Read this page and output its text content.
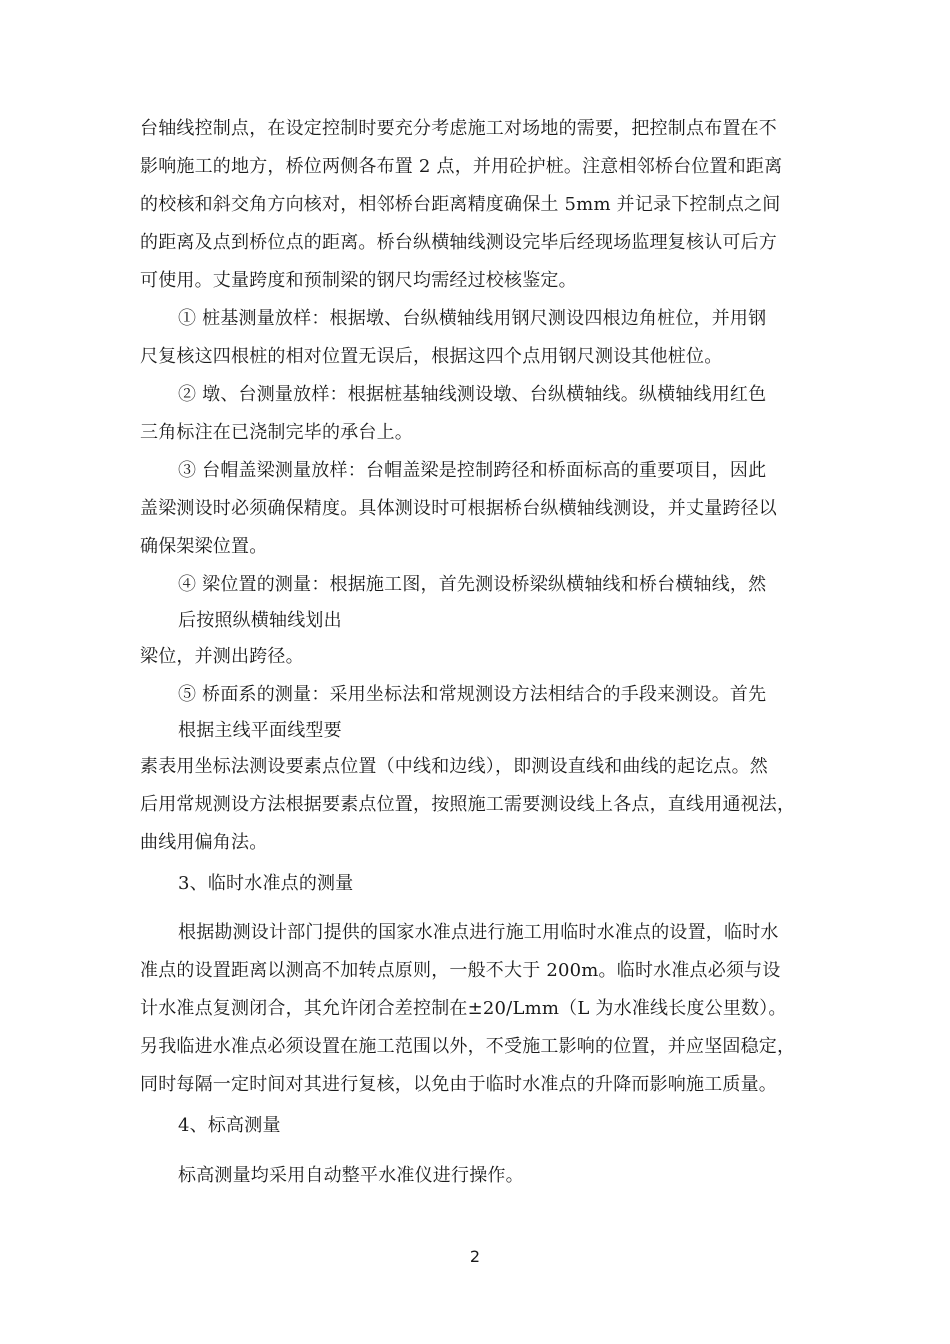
台轴线控制点，在设定控制时要充分考虑施工对场地的需要，把控制点布置在不
影响施工的地方，桥位两侧各布置 2 点，并用砼护桩。注意相邻桥台位置和距离
的校核和斜交角方向核对，相邻桥台距离精度确保土 5mm 并记录下控制点之间
的距离及点到桥位点的距离。桥台纵横轴线测设完毕后经现场监理复核认可后方
可使用。丈量跨度和预制梁的钢尺均需经过校核鉴定。
① 桩基测量放样：根据墩、台纵横轴线用钢尺测设四根边角桩位，并用钢
尺复核这四根桩的相对位置无误后，根据这四个点用钢尺测设其他桩位。
② 墩、台测量放样：根据桩基轴线测设墩、台纵横轴线。纵横轴线用红色
三角标注在已浇制完毕的承台上。
③ 台帽盖梁测量放样：台帽盖梁是控制跨径和桥面标高的重要项目，因此
盖梁测设时必须确保精度。具体测设时可根据桥台纵横轴线测设，并丈量跨径以
确保架梁位置。
④ 梁位置的测量：根据施工图，首先测设桥梁纵横轴线和桥台横轴线，然
后按照纵横轴线划出
梁位，并测出跨径。
⑤ 桥面系的测量：采用坐标法和常规测设方法相结合的手段来测设。首先
根据主线平面线型要
素表用坐标法测设要素点位置（中线和边线），即测设直线和曲线的起讫点。然
后用常规测设方法根据要素点位置，按照施工需要测设线上各点，直线用通视法，
曲线用偏角法。
3、临时水准点的测量
根据勘测设计部门提供的国家水准点进行施工用临时水准点的设置，临时水
准点的设置距离以测高不加转点原则，一般不大于 200m。临时水准点必须与设
计水准点复测闭合，其允许闭合差控制在±20/Lmm（L 为水准线长度公里数）。
另我临进水准点必须设置在施工范围以外，不受施工影响的位置，并应坚固稳定，
同时每隔一定时间对其进行复核，以免由于临时水准点的升降而影响施工质量。
4、标高测量
标高测量均采用自动整平水准仪进行操作。
2
